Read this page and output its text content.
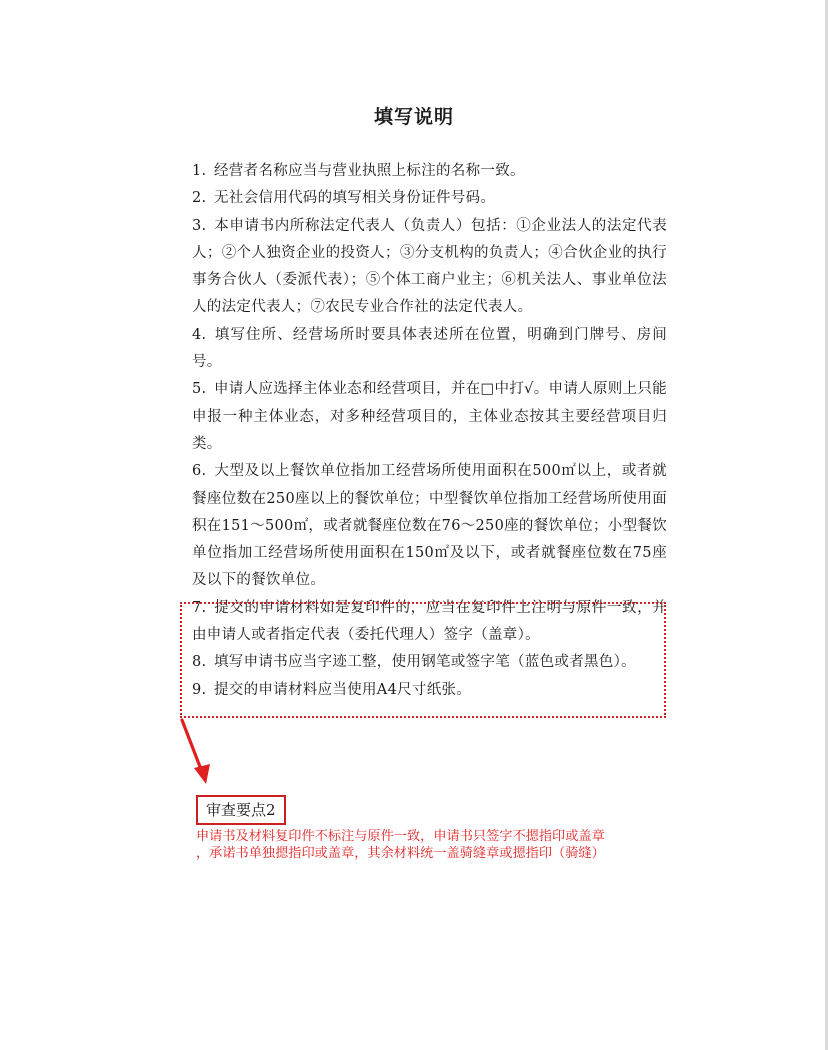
填写说明
1. 经营者名称应当与营业执照上标注的名称一致。
2. 无社会信用代码的填写相关身份证件号码。
3. 本申请书内所称法定代表人（负责人）包括：①企业法人的法定代表人；②个人独资企业的投资人；③分支机构的负责人；④合伙企业的执行事务合伙人（委派代表）；⑤个体工商户业主；⑥机关法人、事业单位法人的法定代表人；⑦农民专业合作社的法定代表人。
4. 填写住所、经营场所时要具体表述所在位置，明确到门牌号、房间号。
5. 申请人应选择主体业态和经营项目，并在□中打√。申请人原则上只能申报一种主体业态，对多种经营项目的，主体业态按其主要经营项目归类。
6. 大型及以上餐饮单位指加工经营场所使用面积在500㎡以上，或者就餐座位数在250座以上的餐饮单位；中型餐饮单位指加工经营场所使用面积在151～500㎡，或者就餐座位数在76～250座的餐饮单位；小型餐饮单位指加工经营场所使用面积在150㎡及以下，或者就餐座位数在75座及以下的餐饮单位。
7. 提交的申请材料如是复印件的，应当在复印件上注明与原件一致，并由申请人或者指定代表（委托代理人）签字（盖章）。
8. 填写申请书应当字迹工整，使用钢笔或签字笔（蓝色或者黑色）。
9. 提交的申请材料应当使用A4尺寸纸张。
审查要点2
申请书及材料复印件不标注与原件一致，申请书只签字不摁指印或盖章
，承诺书单独摁指印或盖章，其余材料统一盖骑缝章或摁指印（骑缝）
